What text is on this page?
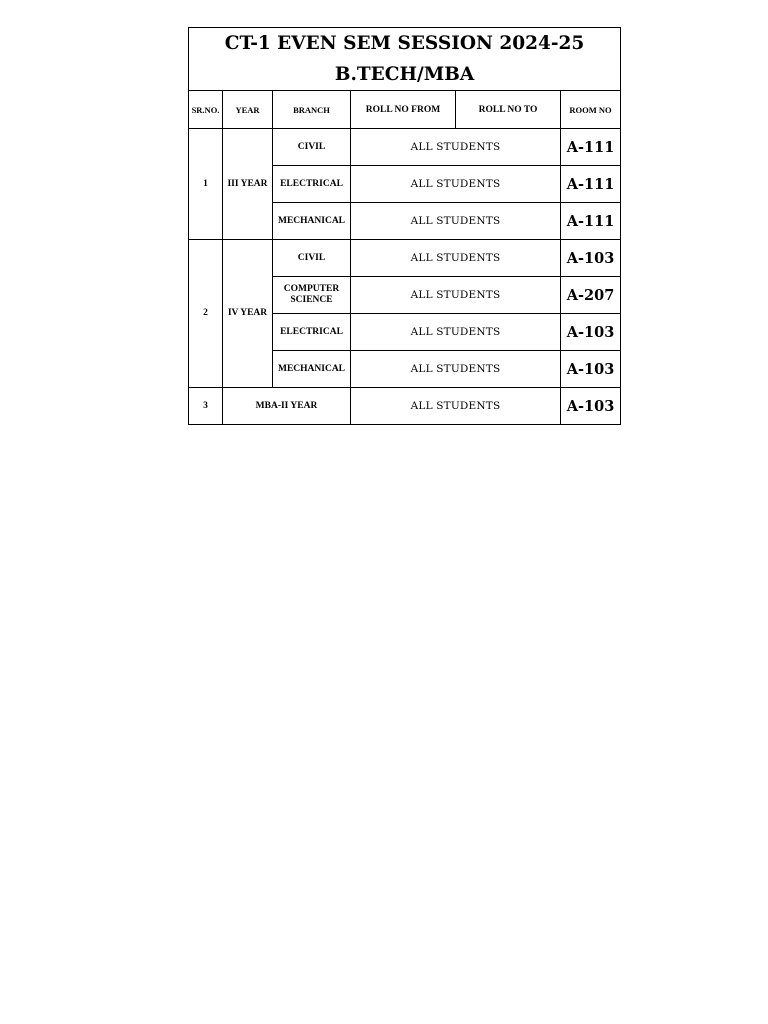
CT-1 EVEN SEM SESSION 2024-25
B.TECH/MBA					

SR.NO.	YEAR	BRANCH	ROLL NO FROM	ROLL NO TO	ROOM NO
1	III YEAR	CIVIL	ALL STUDENTS		A-111
		ELECTRICAL	ALL STUDENTS		A-111
		MECHANICAL	ALL STUDENTS		A-111
2	IV YEAR	CIVIL	ALL STUDENTS		A-103
		COMPUTER
SCIENCE	ALL STUDENTS		A-207
		ELECTRICAL	ALL STUDENTS		A-103
		MECHANICAL	ALL STUDENTS		A-103
3	MBA-II YEAR		ALL STUDENTS		A-103
